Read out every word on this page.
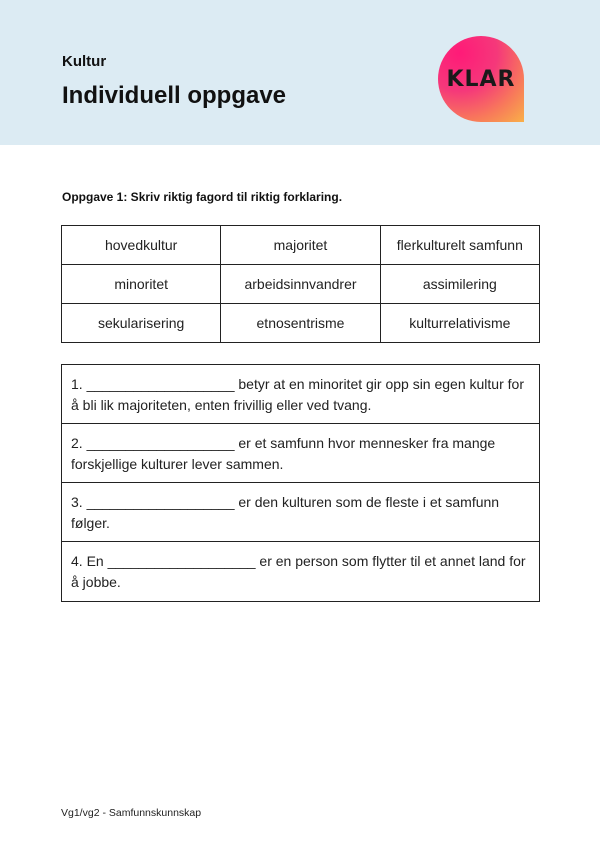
Kultur
Individuell oppgave
KLAR
Oppgave 1: Skriv riktig fagord til riktig forklaring.
hovedkultur	majoritet	flerkulturelt samfunn
minoritet	arbeidsinnvandrer	assimilering
sekularisering	etnosentrisme	kulturrelativisme
1. ___________________ betyr at en minoritet gir opp sin egen kultur for å bli lik majoriteten, enten frivillig eller ved tvang.
2. ___________________ er et samfunn hvor mennesker fra mange forskjellige kulturer lever sammen.
3. ___________________ er den kulturen som de fleste i et samfunn følger.
4. En ___________________ er en person som flytter til et annet land for å jobbe.
Vg1/vg2 - Samfunnskunnskap
